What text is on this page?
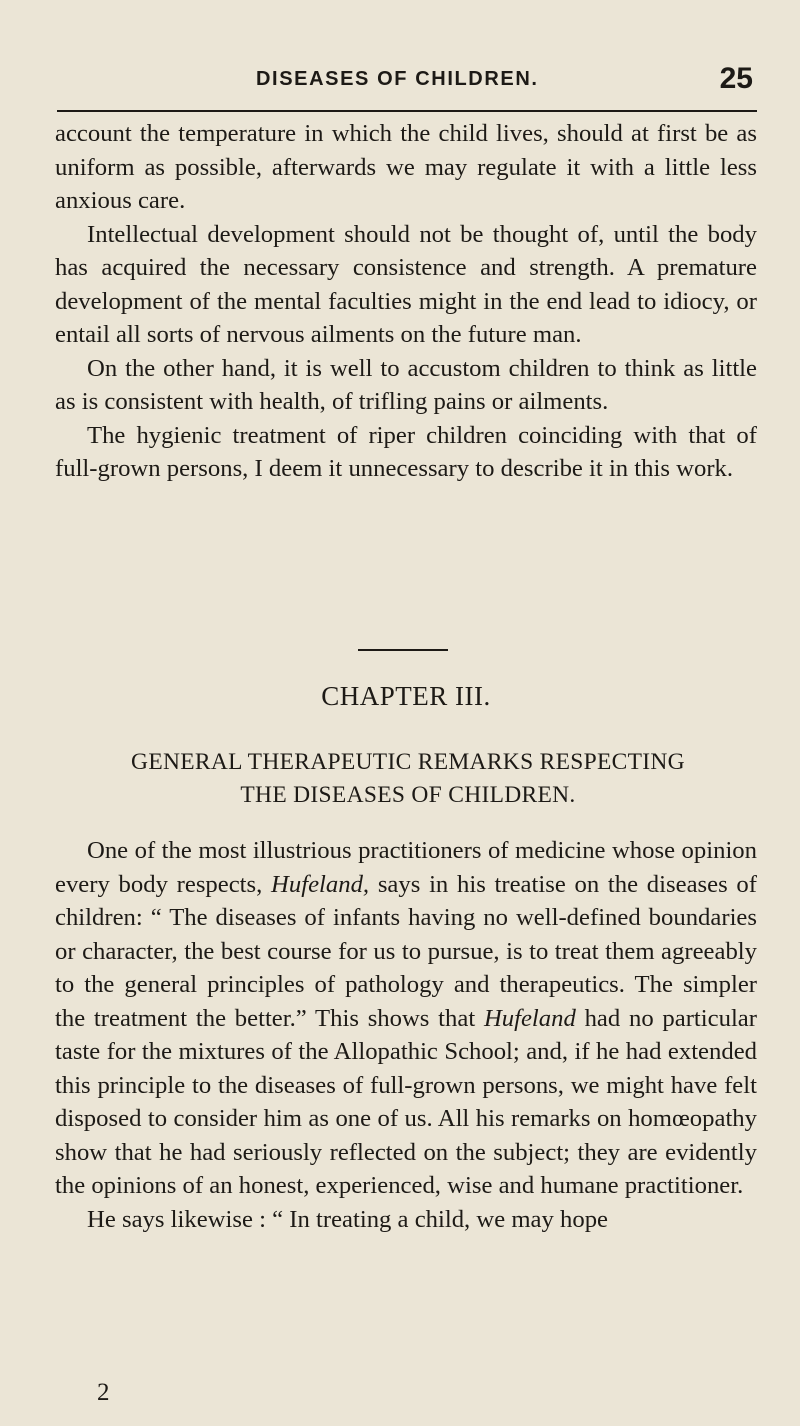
DISEASES OF CHILDREN.	25

account the temperature in which the child lives, should at first be as uniform as possible, afterwards we may regulate it with a little less anxious care.

Intellectual development should not be thought of, until the body has acquired the necessary consistence and strength. A premature development of the mental faculties might in the end lead to idiocy, or entail all sorts of nervous ailments on the future man.

On the other hand, it is well to accustom children to think as little as is consistent with health, of trifling pains or ailments.

The hygienic treatment of riper children coinciding with that of full-grown persons, I deem it unnecessary to describe it in this work.

CHAPTER III.
GENERAL THERAPEUTIC REMARKS RESPECTING
THE DISEASES OF CHILDREN.

One of the most illustrious practitioners of medicine whose opinion every body respects, Hufeland, says in his treatise on the diseases of children: “ The diseases of infants having no well-defined boundaries or character, the best course for us to pursue, is to treat them agreeably to the general principles of pathology and therapeutics. The simpler the treatment the better.” This shows that Hufeland had no particular taste for the mixtures of the Allopathic School; and, if he had extended this principle to the diseases of full-grown persons, we might have felt disposed to consider him as one of us. All his remarks on homœopathy show that he had seriously reflected on the subject; they are evidently the opinions of an honest, experienced, wise and humane practitioner.

He says likewise : “ In treating a child, we may hope

2
